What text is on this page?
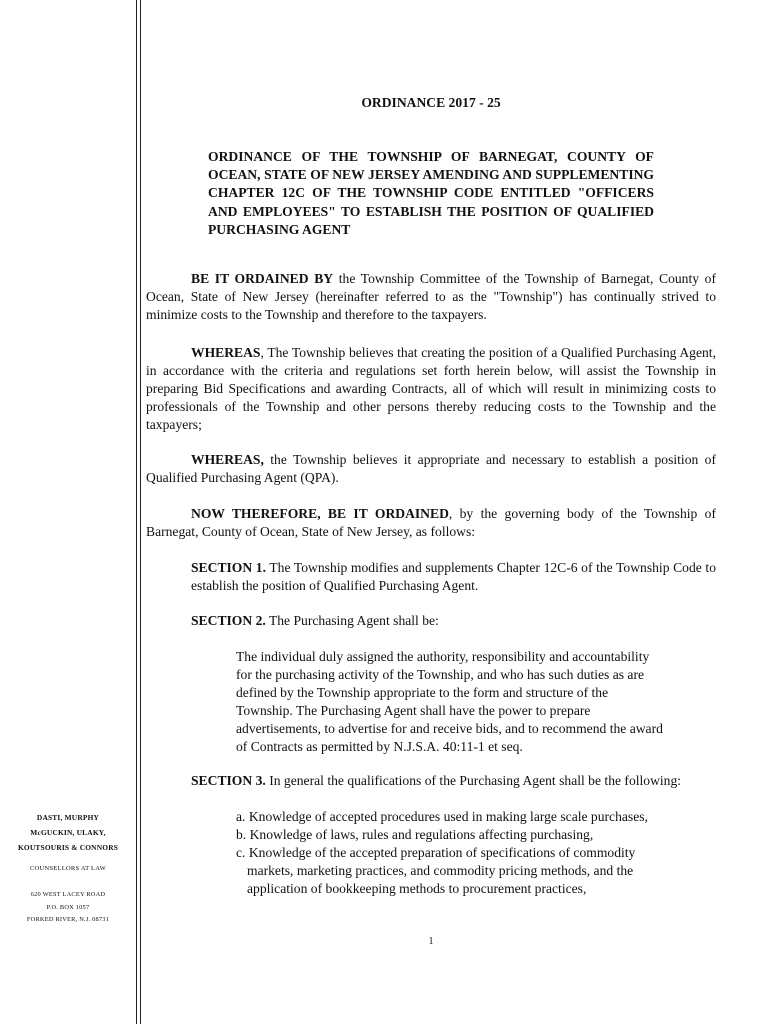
DASTI, MURPHY
McGUCKIN, ULAKY,
KOUTSOURIS & CONNORS
COUNSELLORS AT LAW
620 WEST LACEY ROAD
P.O. BOX 1057
FORKED RIVER, N.J. 08731
ORDINANCE 2017 - 25
ORDINANCE OF THE TOWNSHIP OF BARNEGAT, COUNTY OF OCEAN, STATE OF NEW JERSEY AMENDING AND SUPPLEMENTING CHAPTER 12C OF THE TOWNSHIP CODE ENTITLED "OFFICERS AND EMPLOYEES" TO ESTABLISH THE POSITION OF QUALIFIED PURCHASING AGENT
BE IT ORDAINED BY the Township Committee of the Township of Barnegat, County of Ocean, State of New Jersey (hereinafter referred to as the "Township") has continually strived to minimize costs to the Township and therefore to the taxpayers.
WHEREAS, The Township believes that creating the position of a Qualified Purchasing Agent, in accordance with the criteria and regulations set forth herein below, will assist the Township in preparing Bid Specifications and awarding Contracts, all of which will result in minimizing costs to professionals of the Township and other persons thereby reducing costs to the Township and the taxpayers;
WHEREAS, the Township believes it appropriate and necessary to establish a position of Qualified Purchasing Agent (QPA).
NOW THEREFORE, BE IT ORDAINED, by the governing body of the Township of Barnegat, County of Ocean, State of New Jersey, as follows:
SECTION 1. The Township modifies and supplements Chapter 12C-6 of the Township Code to establish the position of Qualified Purchasing Agent.
SECTION 2. The Purchasing Agent shall be:
The individual duly assigned the authority, responsibility and accountability
for the purchasing activity of the Township, and who has such duties as are
defined by the Township appropriate to the form and structure of the
Township. The Purchasing Agent shall have the power to prepare
advertisements, to advertise for and receive bids, and to recommend the award
of Contracts as permitted by N.J.S.A. 40:11-1 et seq.
SECTION 3. In general the qualifications of the Purchasing Agent shall be the following:
a. Knowledge of accepted procedures used in making large scale purchases,
b. Knowledge of laws, rules and regulations affecting purchasing,
c. Knowledge of the accepted preparation of specifications of commodity
markets, marketing practices, and commodity pricing methods, and the
application of bookkeeping methods to procurement practices,
1
